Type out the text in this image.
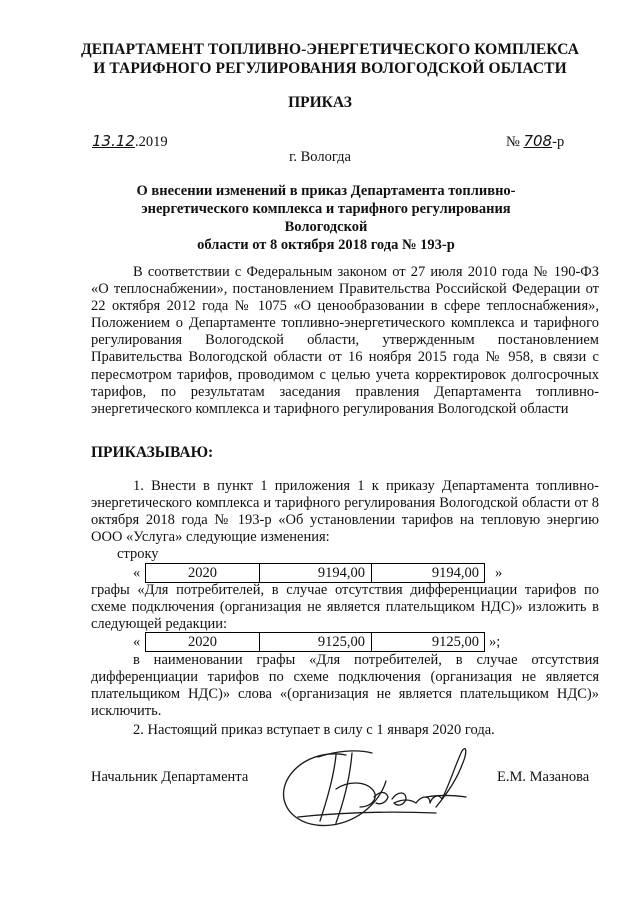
ДЕПАРТАМЕНТ ТОПЛИВНО-ЭНЕРГЕТИЧЕСКОГО КОМПЛЕКСА
И ТАРИФНОГО РЕГУЛИРОВАНИЯ ВОЛОГОДСКОЙ ОБЛАСТИ
ПРИКАЗ
13.12.2019	№ 708-р
г. Вологда
О внесении изменений в приказ Департамента топливно-
энергетического комплекса и тарифного регулирования Вологодской
области от 8 октября 2018 года № 193-р

В соответствии с Федеральным законом от 27 июля 2010 года № 190-ФЗ «О теплоснабжении», постановлением Правительства Российской Федерации от 22 октября 2012 года № 1075 «О ценообразовании в сфере теплоснабжения», Положением о Департаменте топливно-энергетического комплекса и тарифного регулирования Вологодской области, утвержденным постановлением Правительства Вологодской области от 16 ноября 2015 года № 958, в связи с пересмотром тарифов, проводимом с целью учета корректировок долгосрочных тарифов, по результатам заседания правления Департамента топливно-энергетического комплекса и тарифного регулирования Вологодской области

ПРИКАЗЫВАЮ:

1. Внести в пункт 1 приложения 1 к приказу Департамента топливно-энергетического комплекса и тарифного регулирования Вологодской области от 8 октября 2018 года № 193-р «Об установлении тарифов на тепловую энергию ООО «Услуга» следующие изменения:

строку
«	2020	9194,00	9194,00	»

графы «Для потребителей, в случае отсутствия дифференциации тарифов по схеме подключения (организация не является плательщиком НДС)» изложить в следующей редакции:

«	2020	9125,00	9125,00 »;

в наименовании графы «Для потребителей, в случае отсутствия дифференциации тарифов по схеме подключения (организация не является плательщиком НДС)» слова «(организация не является плательщиком НДС)» исключить.

2. Настоящий приказ вступает в силу с 1 января 2020 года.

Начальник Департамента	Е.М. Мазанова
